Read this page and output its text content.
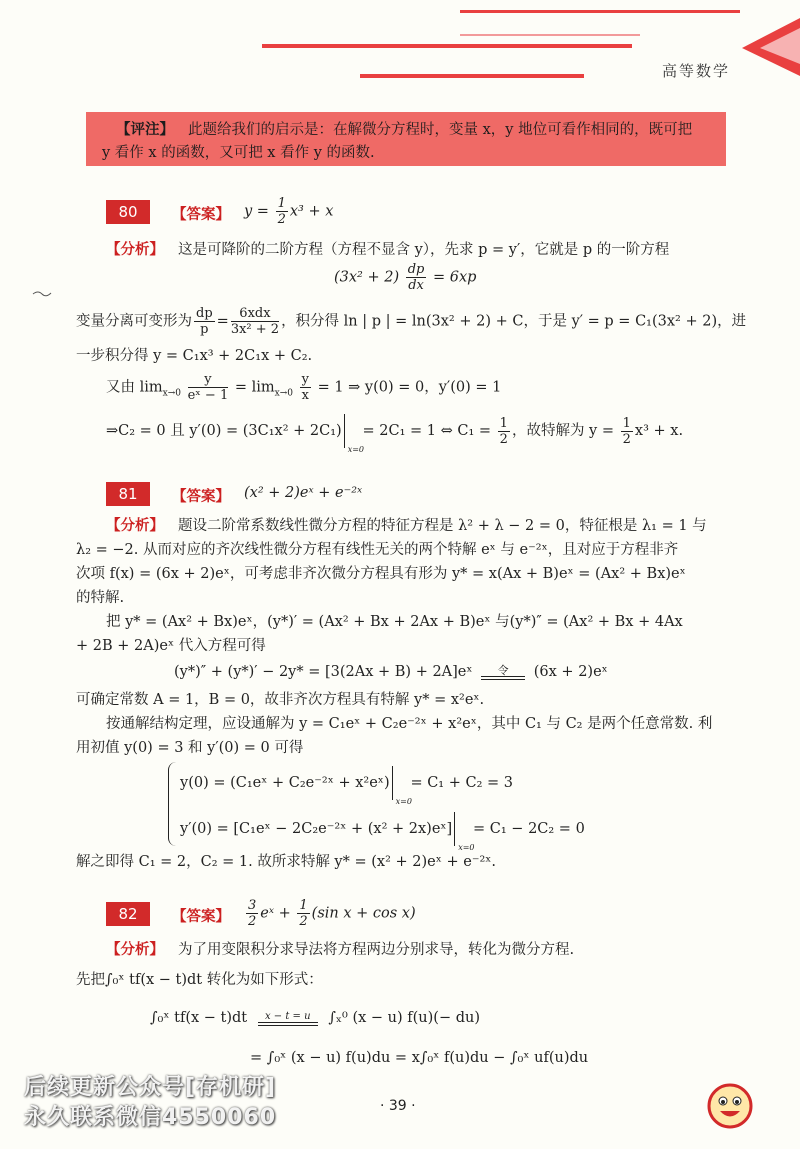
高等数学
【评注】 此题给我们的启示是：在解微分方程时，变量 x，y 地位可看作相同的，既可把
y 看作 x 的函数，又可把 x 看作 y 的函数.
80	【答案】 $y = \frac{1}{2} x^3 + x$
【分析】 这是可降阶的二阶方程（方程不显含 y），先求 p = y′，它就是 p 的一阶方程
$(3x^2 + 2) \frac{dp}{dx} = 6xp$
变量分离可变形为 $\frac{dp}{p} = \frac{\text{6xdx}}{\text{3x² + 2}}$ ，积分得 ln | p | = ln(3x² + 2) + C，于是 y′ = p = C₁(3x² + 2)，进
一步积分得 y = C₁x³ + 2C₁x + C₂.
又由 $\lim_{x\to 0} \frac{y}{\text{eˣ − 1}} = \lim_{x\to 0} \frac{y}{x} = 1$ ⇒ y(0) = 0，y′(0) = 1
⇒C₂ = 0 且 y′(0) = (3C₁x² + 2C₁)
x=0
= 2C₁ = 1 ⇔ $C_1 = \frac{1}{2}$ ，故特解为 $y = \frac{1}{2} x^3 + x$.
81	【答案】 (x² + 2)eˣ + e⁻²ˣ
【分析】 题设二阶常系数线性微分方程的特征方程是 λ² + λ − 2 = 0，特征根是 λ₁ = 1 与
λ₂ = −2. 从而对应的齐次线性微分方程有线性无关的两个特解 eˣ 与 e⁻²ˣ，且对应于方程非齐
次项 f(x) = (6x + 2)eˣ，可考虑非齐次微分方程具有形为 y* = x(Ax + B)eˣ = (Ax² + Bx)eˣ
的特解.
把 y* = (Ax² + Bx)eˣ，(y*)′ = (Ax² + Bx + 2Ax + B)eˣ 与(y*)″ = (Ax² + Bx + 4Ax
+ 2B + 2A)eˣ 代入方程可得
(y*)″ + (y*)′ − 2y* = [3(2Ax + B) + 2A]eˣ	令	(6x + 2)eˣ
可确定常数 A = 1，B = 0，故非齐次方程具有特解 y* = x²eˣ.
按通解结构定理，应设通解为 y = C₁eˣ + C₂e⁻²ˣ + x²eˣ，其中 C₁ 与 C₂ 是两个任意常数. 利
用初值 y(0) = 3 和 y′(0) = 0 可得
y(0) = (C₁eˣ + C₂e⁻²ˣ + x²eˣ)
x=0
= C₁ + C₂ = 3
y′(0) = [C₁eˣ − 2C₂e⁻²ˣ + (x² + 2x)eˣ]
x=0
= C₁ − 2C₂ = 0
解之即得 C₁ = 2，C₂ = 1. 故所求特解 y* = (x² + 2)eˣ + e⁻²ˣ.
82	【答案】 $\frac{3}{2}$ eˣ + $\frac{1}{2} (\sin$ x + cos x)
【分析】 为了用变限积分求导法将方程两边分别求导，转化为微分方程.
先把∫₀ˣ tf(x − t)dt 转化为如下形式：
∫₀ˣ tf(x − t)dt	x − t = u	∫ₓ⁰ (x − u) f(u)(− du)
= ∫₀ˣ (x − u) f(u)du = x∫₀ˣ f(u)du − ∫₀ˣ uf(u)du
· 39 ·
后续更新公众号[存机研]
永久联系微信4550060
